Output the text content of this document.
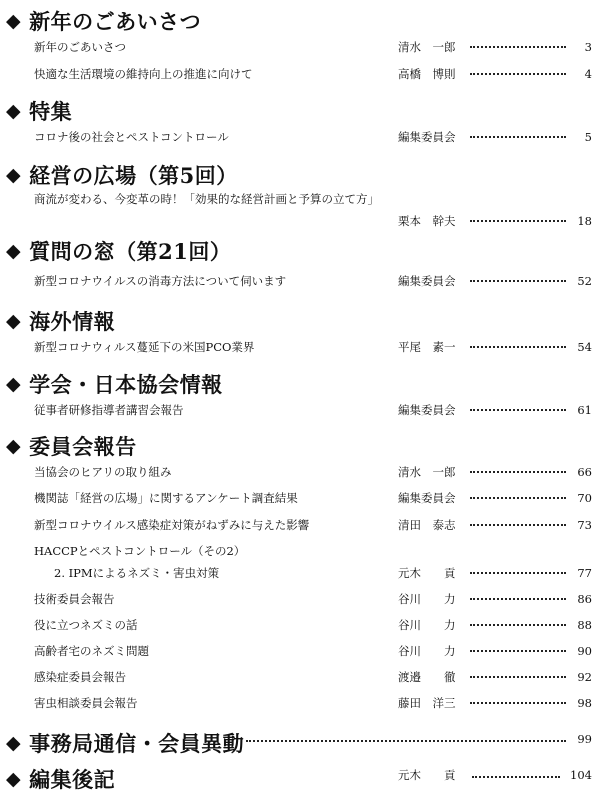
◆ 新年のごあいさつ
新年のごあいさつ	清水　一郎	3
快適な生活環境の維持向上の推進に向けて	高橋　博則	4
◆ 特集
コロナ後の社会とペストコントロール	編集委員会	5
◆ 経営の広場（第5回）
商流が変わる、今変革の時！「効果的な経営計画と予算の立て方」
栗本　幹夫	18
◆ 質問の窓（第21回）
新型コロナウイルスの消毒方法について伺います	編集委員会	52
◆ 海外情報
新型コロナウィルス蔓延下の米国PCO業界	平尾　素一	54
◆ 学会・日本協会情報
従事者研修指導者講習会報告	編集委員会	61
◆ 委員会報告
当協会のヒアリの取り組み	清水　一郎	66
機関誌「経営の広場」に関するアンケート調査結果	編集委員会	70
新型コロナウイルス感染症対策がねずみに与えた影響	清田　泰志	73
HACCPとペストコントロール（その2）
2. IPMによるネズミ・害虫対策	元木　　貢	77
技術委員会報告	谷川　　力	86
役に立つネズミの話	谷川　　力	88
高齢者宅のネズミ問題	谷川　　力	90
感染症委員会報告	渡邉　　徹	92
害虫相談委員会報告	藤田　洋三	98
◆ 事務局通信・会員異動	99
◆ 編集後記	元木　　貢	104
